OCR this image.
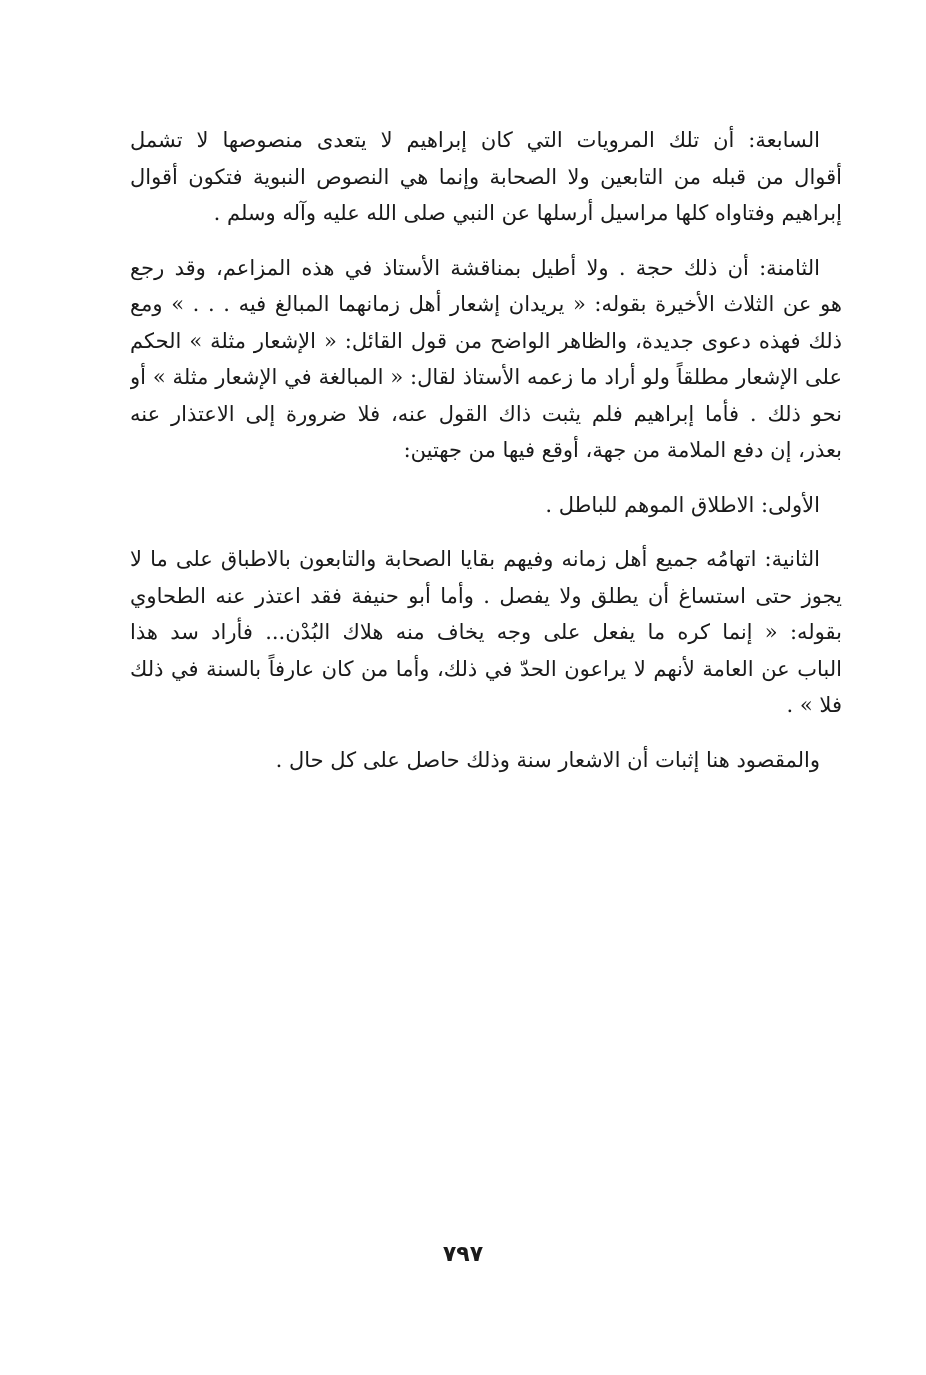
السابعة: أن تلك المرويات التي كان إبراهيم لا يتعدى منصوصها لا تشمل
أقوال من قبله من التابعين ولا الصحابة وإنما هي النصوص النبوية فتكون أقوال
إبراهيم وفتاواه كلها مراسيل أرسلها عن النبي صلى الله عليه وآله وسلم .
الثامنة: أن ذلك حجة . ولا أطيل بمناقشة الأستاذ في هذه المزاعم، وقد رجع
هو عن الثلاث الأخيرة بقوله: « يريدان إشعار أهل زمانهما المبالغ فيه . . . » ومع
ذلك فهذه دعوى جديدة، والظاهر الواضح من قول القائل: « الإشعار مثلة » الحكم
على الإشعار مطلقاً ولو أراد ما زعمه الأستاذ لقال: « المبالغة في الإشعار مثلة » أو
نحو ذلك . فأما إبراهيم فلم يثبت ذاك القول عنه، فلا ضرورة إلى الاعتذار عنه
بعذر، إن دفع الملامة من جهة، أوقع فيها من جهتين:
الأولى: الاطلاق الموهم للباطل .
الثانية: اتهامُه جميع أهل زمانه وفيهم بقايا الصحابة والتابعون بالاطباق على ما لا
يجوز حتى استساغ أن يطلق ولا يفصل . وأما أبو حنيفة فقد اعتذر عنه الطحاوي
بقوله: « إنما كره ما يفعل على وجه يخاف منه هلاك البُدْن... فأراد سد هذا
الباب عن العامة لأنهم لا يراعون الحدّ في ذلك، وأما من كان عارفاً بالسنة في ذلك
فلا » .
والمقصود هنا إثبات أن الاشعار سنة وذلك حاصل على كل حال .
٧٩٧
